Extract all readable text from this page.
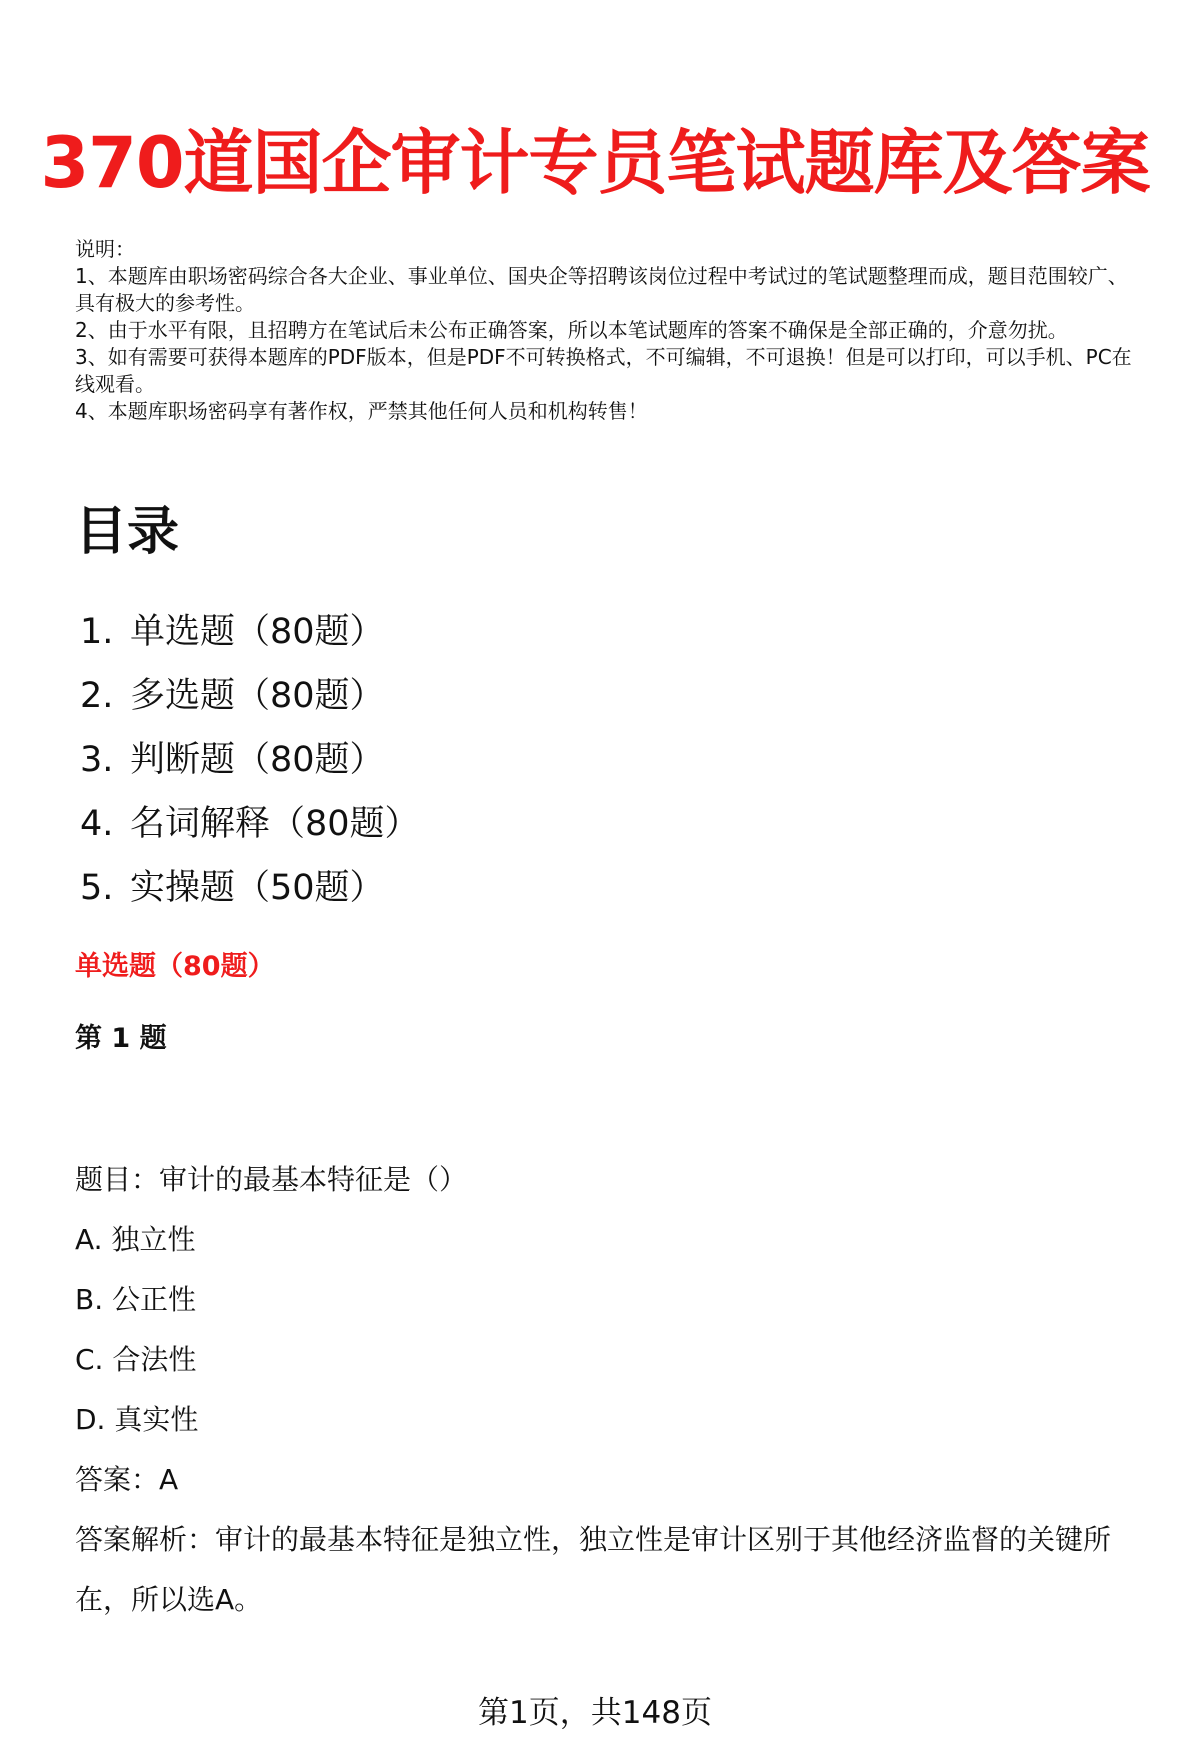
370道国企审计专员笔试题库及答案

说明：

1、本题库由职场密码综合各大企业、事业单位、国央企等招聘该岗位过程中考试过的笔试题整理而成，题目范围较广、具有极大的参考性。

2、由于水平有限，且招聘方在笔试后未公布正确答案，所以本笔试题库的答案不确保是全部正确的，介意勿扰。

3、如有需要可获得本题库的PDF版本，但是PDF不可转换格式，不可编辑，不可退换！但是可以打印，可以手机、PC在线观看。

4、本题库职场密码享有著作权，严禁其他任何人员和机构转售！

目录
1. 单选题（80题）
2. 多选题（80题）
3. 判断题（80题）
4. 名词解释（80题）
5. 实操题（50题）
单选题（80题）
第 1 题
题目：审计的最基本特征是（）
A. 独立性
B. 公正性
C. 合法性
D. 真实性
答案：A
答案解析：审计的最基本特征是独立性，独立性是审计区别于其他经济监督的关键所在，所以选A。
第1页，共148页
